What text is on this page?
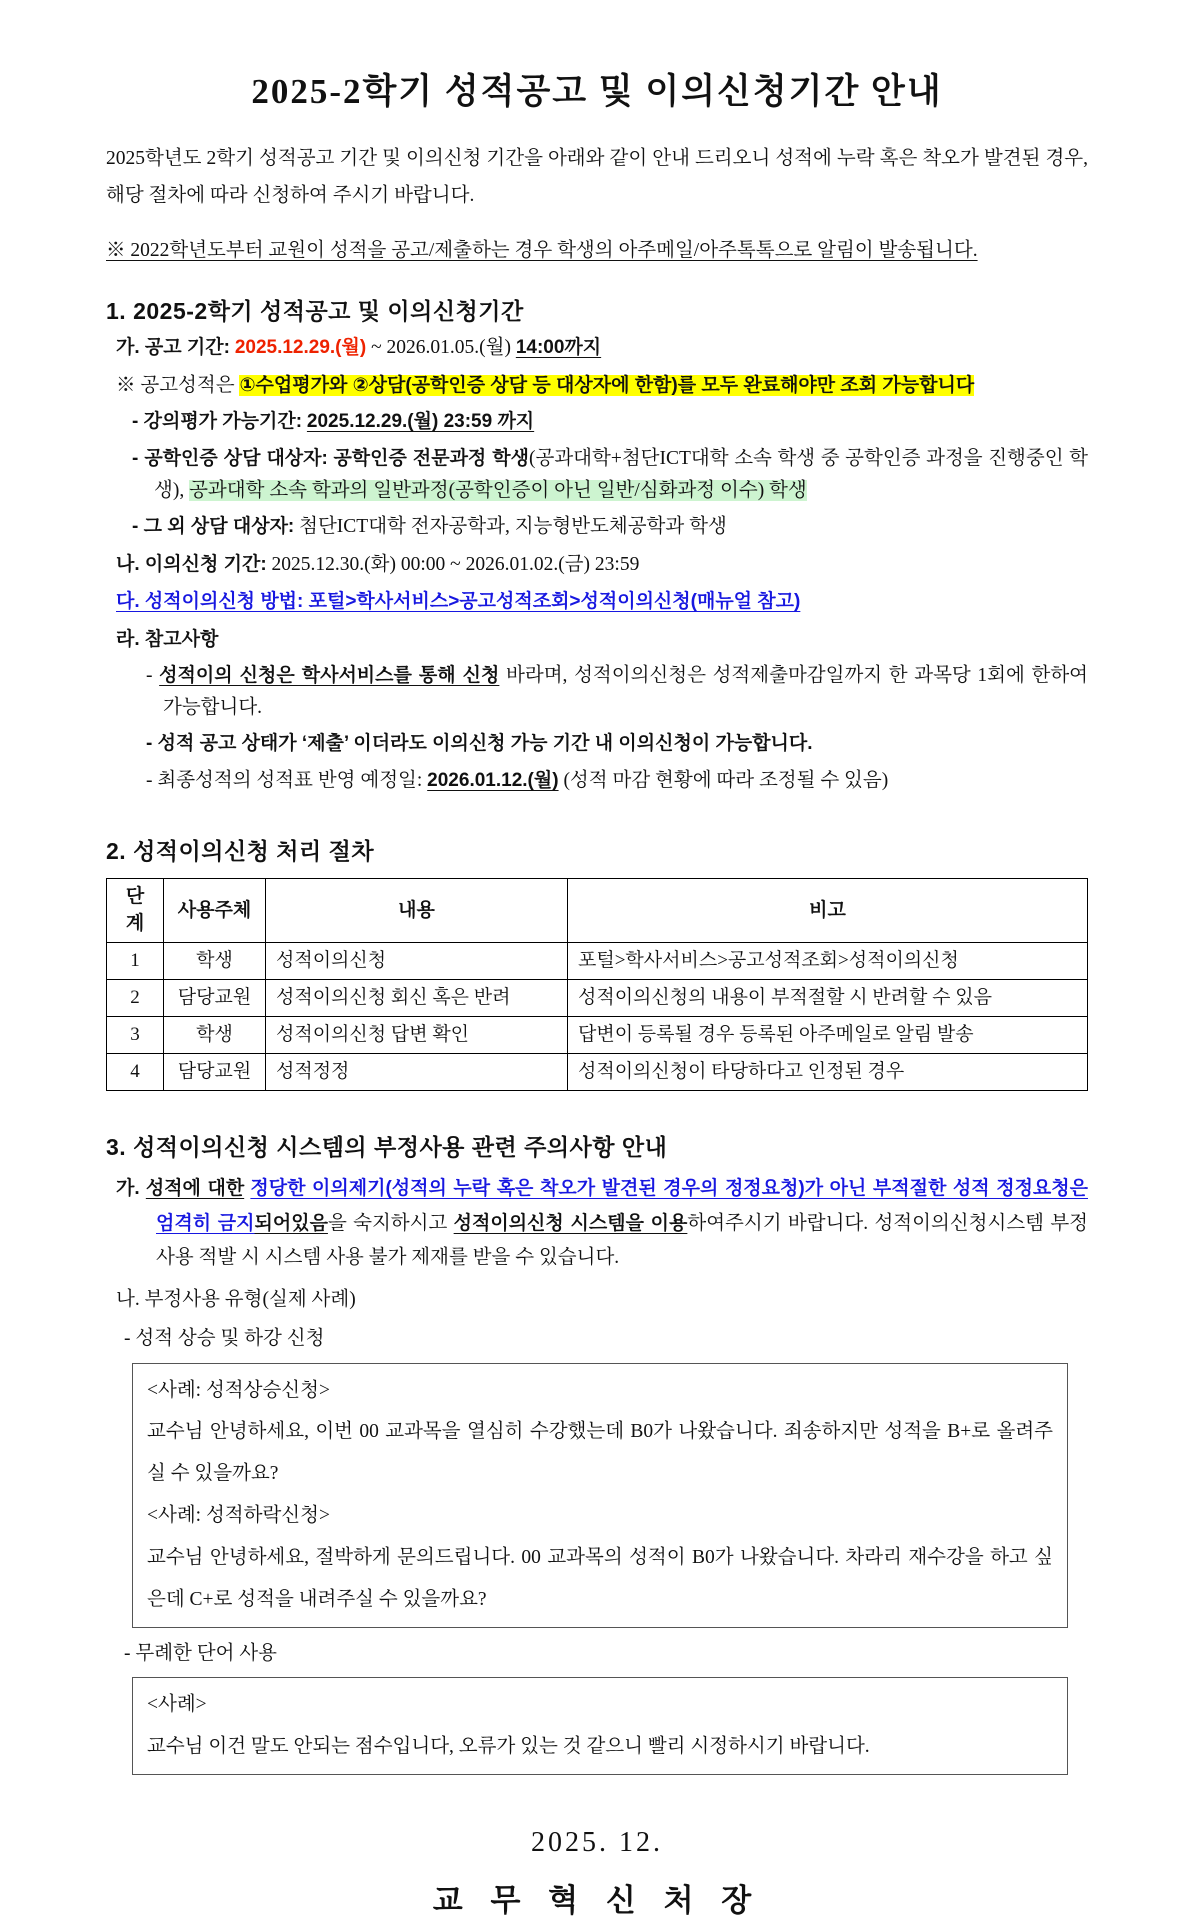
2025-2학기 성적공고 및 이의신청기간 안내

2025학년도 2학기 성적공고 기간 및 이의신청 기간을 아래와 같이 안내 드리오니 성적에 누락 혹은 착오가 발견된 경우, 해당 절차에 따라 신청하여 주시기 바랍니다.

※ 2022학년도부터 교원이 성적을 공고/제출하는 경우 학생의 아주메일/아주톡톡으로 알림이 발송됩니다.

1. 2025-2학기 성적공고 및 이의신청기간

가. 공고 기간: 2025.12.29.(월) ~ 2026.01.05.(월) 14:00까지

※ 공고성적은 ①수업평가와 ②상담(공학인증 상담 등 대상자에 한함)를 모두 완료해야만 조회 가능합니다

- 강의평가 가능기간: 2025.12.29.(월) 23:59 까지

- 공학인증 상담 대상자: 공학인증 전문과정 학생(공과대학+첨단ICT대학 소속 학생 중 공학인증 과정을 진행중인 학생), 공과대학 소속 학과의 일반과정(공학인증이 아닌 일반/심화과정 이수) 학생

- 그 외 상담 대상자: 첨단ICT대학 전자공학과, 지능형반도체공학과 학생

나. 이의신청 기간: 2025.12.30.(화) 00:00 ~ 2026.01.02.(금) 23:59

다. 성적이의신청 방법: 포털>학사서비스>공고성적조회>성적이의신청(매뉴얼 참고)

라. 참고사항

- 성적이의 신청은 학사서비스를 통해 신청 바라며, 성적이의신청은 성적제출마감일까지 한 과목당 1회에 한하여 가능합니다.

- 성적 공고 상태가 ‘제출’ 이더라도 이의신청 가능 기간 내 이의신청이 가능합니다.

- 최종성적의 성적표 반영 예정일: 2026.01.12.(월) (성적 마감 현황에 따라 조정될 수 있음)

2. 성적이의신청 처리 절차
단계	사용주체	내용	비고
1	학생	성적이의신청	포털>학사서비스>공고성적조회>성적이의신청
2	담당교원	성적이의신청 회신 혹은 반려	성적이의신청의 내용이 부적절할 시 반려할 수 있음
3	학생	성적이의신청 답변 확인	답변이 등록될 경우 등록된 아주메일로 알림 발송
4	담당교원	성적정정	성적이의신청이 타당하다고 인정된 경우
3. 성적이의신청 시스템의 부정사용 관련 주의사항 안내

가. 성적에 대한 정당한 이의제기(성적의 누락 혹은 착오가 발견된 경우의 정정요청)가 아닌 부적절한 성적 정정요청은 엄격히 금지되어있음을 숙지하시고 성적이의신청 시스템을 이용하여주시기 바랍니다. 성적이의신청시스템 부정사용 적발 시 시스템 사용 불가 제재를 받을 수 있습니다.

나. 부정사용 유형(실제 사례)

- 성적 상승 및 하강 신청

<사례: 성적상승신청>

교수님 안녕하세요, 이번 00 교과목을 열심히 수강했는데 B0가 나왔습니다. 죄송하지만 성적을 B+로 올려주실 수 있을까요?

<사례: 성적하락신청>

교수님 안녕하세요, 절박하게 문의드립니다. 00 교과목의 성적이 B0가 나왔습니다. 차라리 재수강을 하고 싶은데 C+로 성적을 내려주실 수 있을까요?

- 무례한 단어 사용

<사례>

교수님 이건 말도 안되는 점수입니다, 오류가 있는 것 같으니 빨리 시정하시기 바랍니다.

2025. 12.

교 무 혁 신 처 장
